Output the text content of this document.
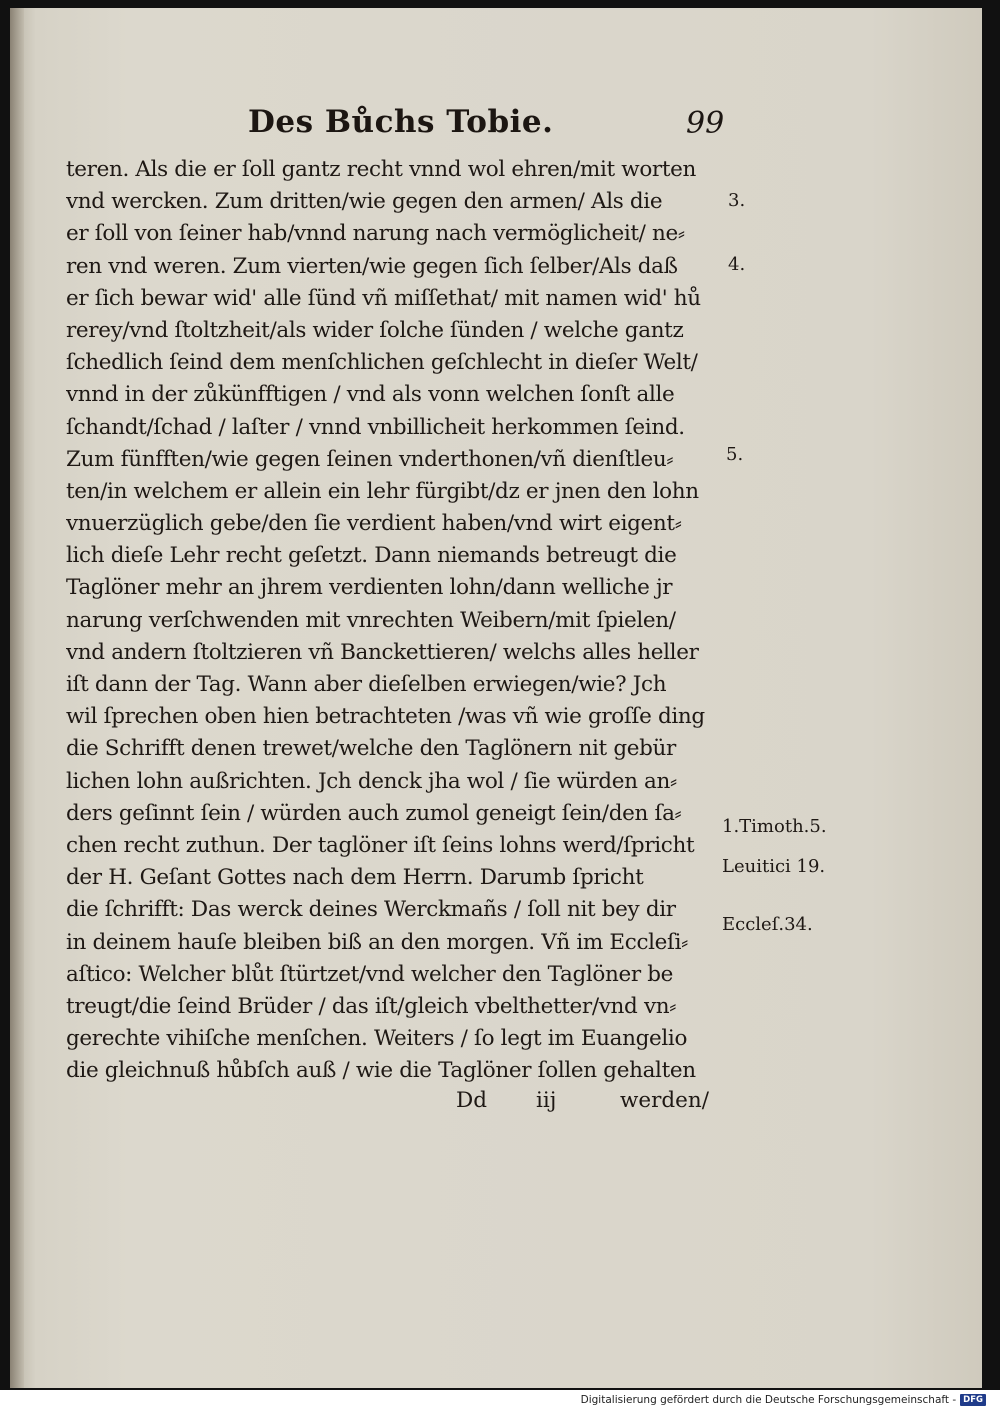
Des Bůchs Tobie.	99
teren. Als die er ſoll gantz recht vnnd wol ehren/mit worten
vnd wercken. Zum dritten/wie gegen den armen/ Als die
er ſoll von ſeiner hab/vnnd narung nach vermöglicheit/ ne⸗
ren vnd weren. Zum vierten/wie gegen ſich ſelber/Als daß
er ſich bewar wid' alle ſünd vñ miſſethat/ mit namen wid' hů
rerey/vnd ſtoltzheit/als wider ſolche ſünden / welche gantz
ſchedlich ſeind dem menſchlichen geſchlecht in dieſer Welt/
vnnd in der zůkünfftigen / vnd als vonn welchen ſonſt alle
ſchandt/ſchad / laſter / vnnd vnbillicheit herkommen ſeind.
Zum fünfften/wie gegen ſeinen vnderthonen/vñ dienſtleu⸗
ten/in welchem er allein ein lehr fürgibt/dz er jnen den lohn
vnuerzüglich gebe/den ſie verdient haben/vnd wirt eigent⸗
lich dieſe Lehr recht geſetzt. Dann niemands betreugt die
Taglöner mehr an jhrem verdienten lohn/dann welliche jr
narung verſchwenden mit vnrechten Weibern/mit ſpielen/
vnd andern ſtoltzieren vñ Banckettieren/ welchs alles heller
iſt dann der Tag. Wann aber dieſelben erwiegen/wie? Jch
wil ſprechen oben hien betrachteten /was vñ wie groſſe ding
die Schrifft denen trewet/welche den Taglönern nit gebür
lichen lohn außrichten. Jch denck jha wol / ſie würden an⸗
ders geſinnt ſein / würden auch zumol geneigt ſein/den ſa⸗
chen recht zuthun. Der taglöner iſt ſeins lohns werd/ſpricht
der H. Geſant Gottes nach dem Herrn. Darumb ſpricht
die ſchrifft: Das werck deines Werckmañs / ſoll nit bey dir
in deinem hauſe bleiben biß an den morgen. Vñ im Eccleſi⸗
aſtico: Welcher blůt ſtürtzet/vnd welcher den Taglöner be
treugt/die ſeind Brüder / das iſt/gleich vbelthetter/vnd vn⸗
gerechte vihiſche menſchen. Weiters / ſo legt im Euangelio
die gleichnuß hůbſch auß / wie die Taglöner ſollen gehalten
3.
4.
5.
1.Timoth.5.
Leuitici 19.
Eccleſ.34.
Dd iij	werden/
Digitalisierung gefördert durch die Deutsche Forschungsgemeinschaft - DFG
